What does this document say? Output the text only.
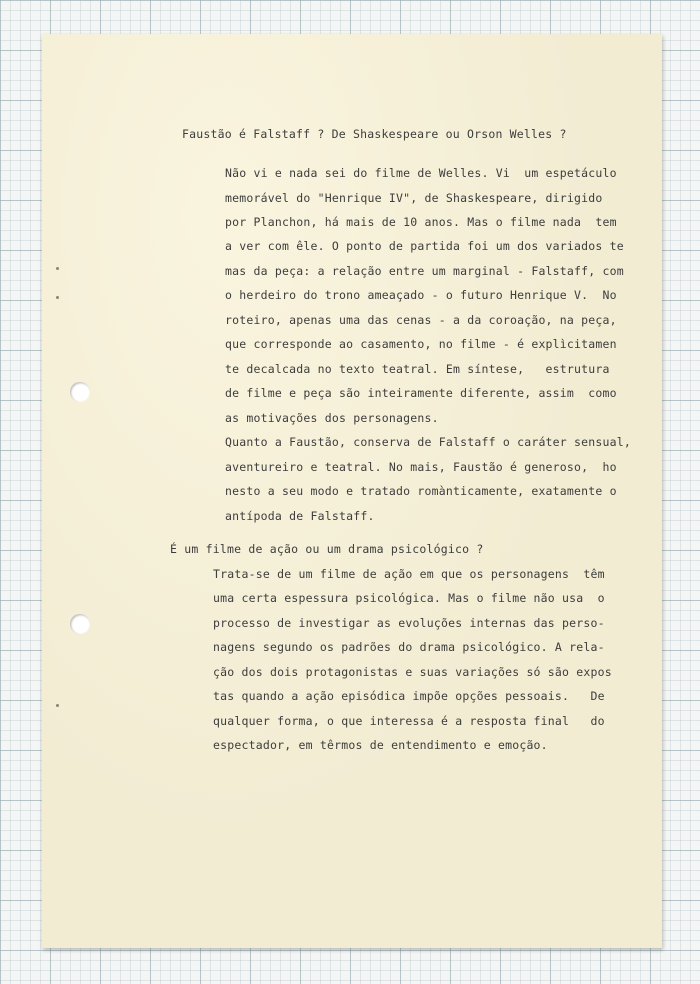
Faustão é Falstaff ? De Shaskespeare ou Orson Welles ?
Não vi e nada sei do filme de Welles. Vi  um espetáculo
memorável do "Henrique IV", de Shaskespeare, dirigido
por Planchon, há mais de 10 anos. Mas o filme nada  tem
a ver com êle. O ponto de partida foi um dos variados te
mas da peça: a relação entre um marginal - Falstaff, com
o herdeiro do trono ameaçado - o futuro Henrique V.  No
roteiro, apenas uma das cenas - a da coroação, na peça,
que corresponde ao casamento, no filme - é explìcitamen
te decalcada no texto teatral. Em síntese,   estrutura
de filme e peça são inteiramente diferente, assim  como
as motivações dos personagens.
Quanto a Faustão, conserva de Falstaff o caráter sensual,
aventureiro e teatral. No mais, Faustão é generoso,  ho
nesto a seu modo e tratado romànticamente, exatamente o
antípoda de Falstaff.
É um filme de ação ou um drama psicológico ?
Trata-se de um filme de ação em que os personagens  têm
uma certa espessura psicológica. Mas o filme não usa  o
processo de investigar as evoluções internas das perso-
nagens segundo os padrões do drama psicológico. A rela-
ção dos dois protagonistas e suas variações só são expos
tas quando a ação episódica impõe opções pessoais.   De
qualquer forma, o que interessa é a resposta final   do
espectador, em têrmos de entendimento e emoção.
